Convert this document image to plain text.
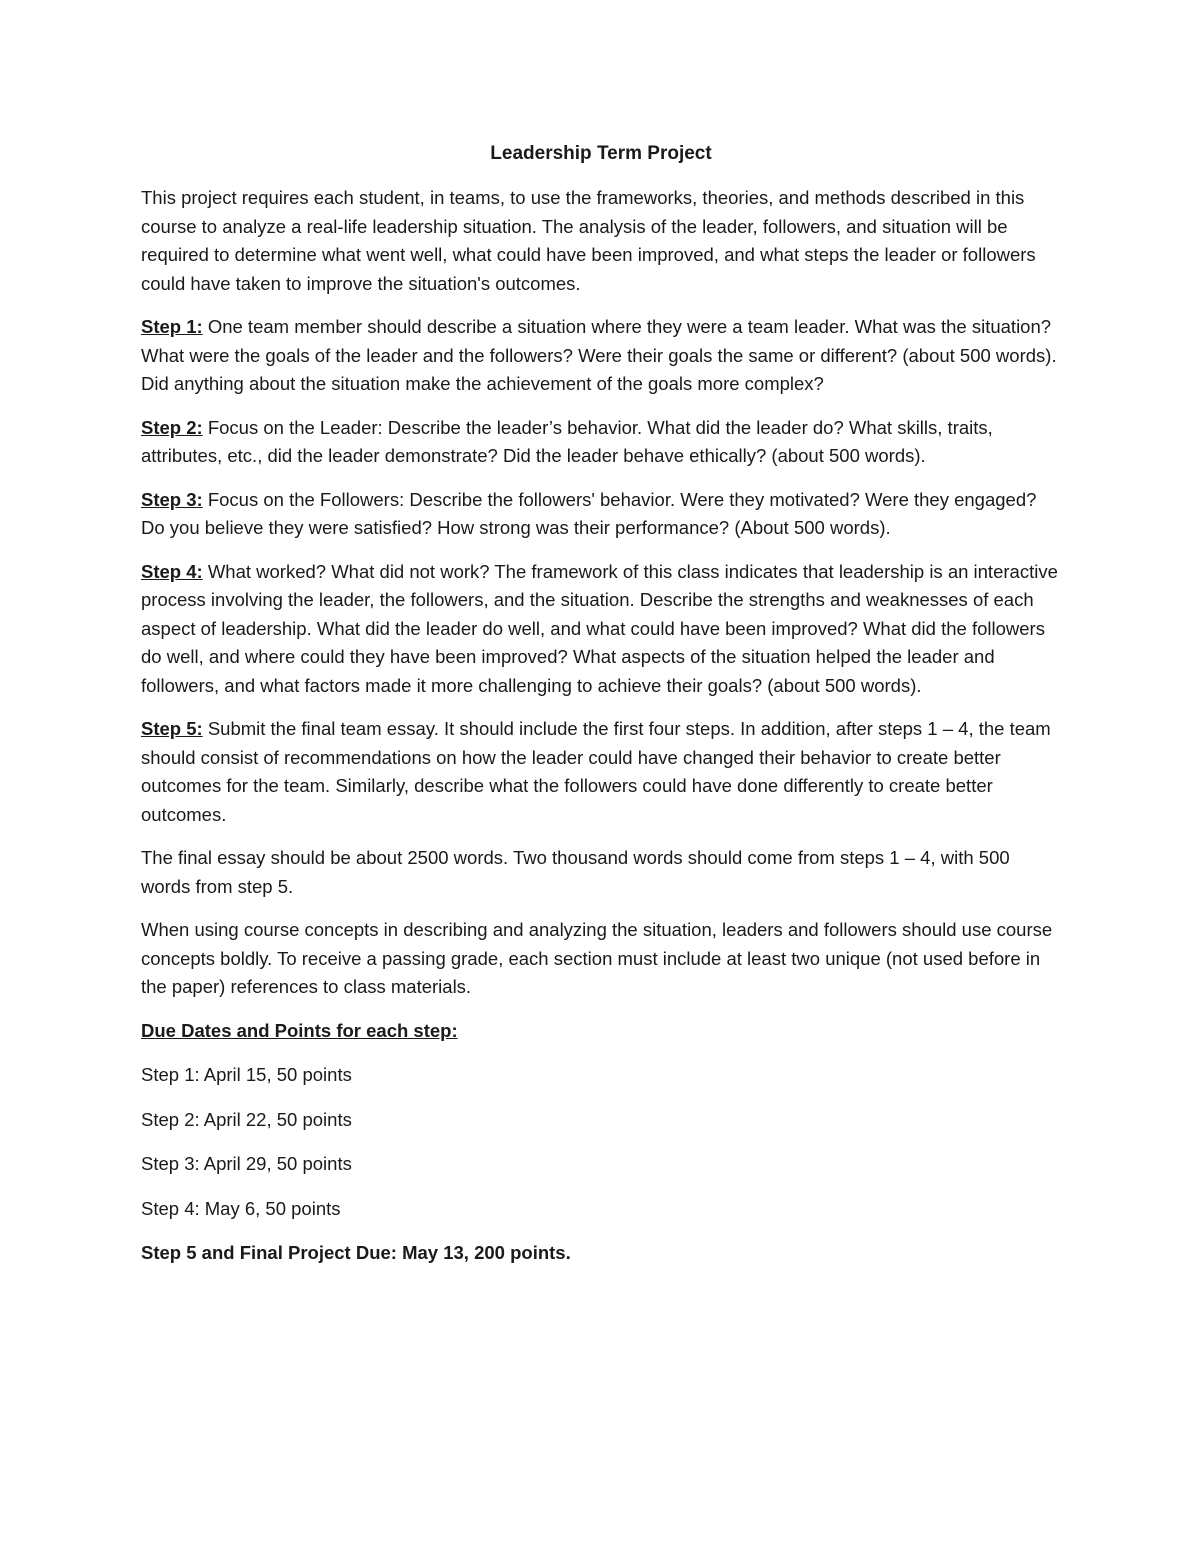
Leadership Term Project

This project requires each student, in teams, to use the frameworks, theories, and methods described in this course to analyze a real-life leadership situation. The analysis of the leader, followers, and situation will be required to determine what went well, what could have been improved, and what steps the leader or followers could have taken to improve the situation's outcomes.

Step 1: One team member should describe a situation where they were a team leader. What was the situation? What were the goals of the leader and the followers? Were their goals the same or different? (about 500 words). Did anything about the situation make the achievement of the goals more complex?

Step 2: Focus on the Leader: Describe the leader’s behavior. What did the leader do? What skills, traits, attributes, etc., did the leader demonstrate? Did the leader behave ethically? (about 500 words).

Step 3: Focus on the Followers: Describe the followers' behavior. Were they motivated? Were they engaged? Do you believe they were satisfied? How strong was their performance? (About 500 words).

Step 4: What worked? What did not work? The framework of this class indicates that leadership is an interactive process involving the leader, the followers, and the situation. Describe the strengths and weaknesses of each aspect of leadership. What did the leader do well, and what could have been improved? What did the followers do well, and where could they have been improved? What aspects of the situation helped the leader and followers, and what factors made it more challenging to achieve their goals? (about 500 words).

Step 5: Submit the final team essay. It should include the first four steps. In addition, after steps 1 – 4, the team should consist of recommendations on how the leader could have changed their behavior to create better outcomes for the team. Similarly, describe what the followers could have done differently to create better outcomes.

The final essay should be about 2500 words. Two thousand words should come from steps 1 – 4, with 500 words from step 5.

When using course concepts in describing and analyzing the situation, leaders and followers should use course concepts boldly. To receive a passing grade, each section must include at least two unique (not used before in the paper) references to class materials.

Due Dates and Points for each step:
Step 1: April 15, 50 points
Step 2: April 22, 50 points
Step 3: April 29, 50 points
Step 4: May 6, 50 points
Step 5 and Final Project Due: May 13, 200 points.
